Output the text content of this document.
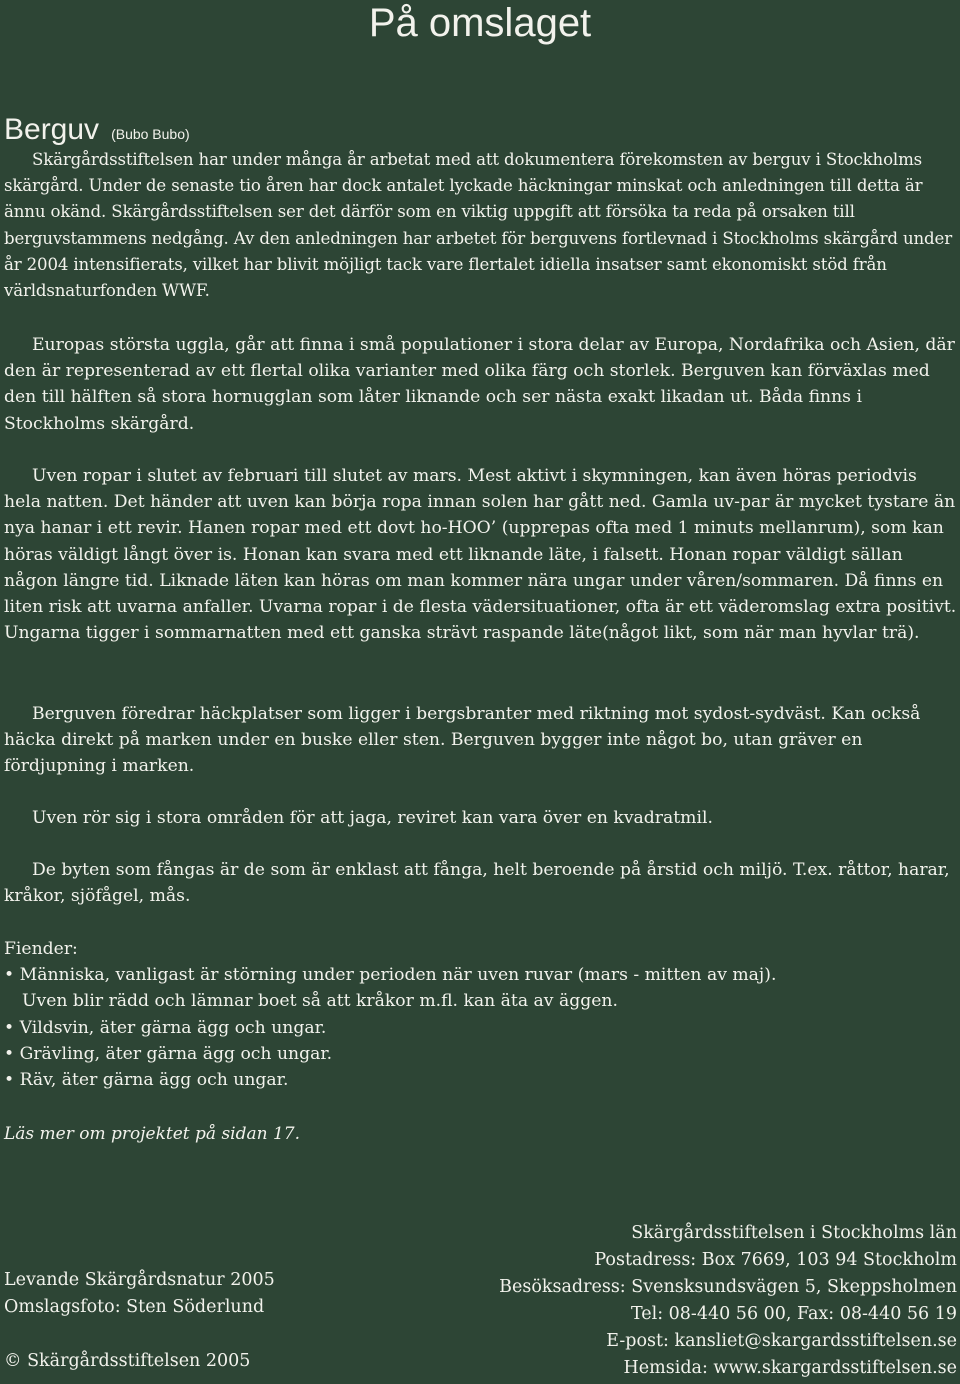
På omslaget
Berguv (Bubo Bubo)

Skärgårdsstiftelsen har under många år arbetat med att dokumentera förekomsten av berguv i Stockholms skärgård. Under de senaste tio åren har dock antalet lyckade häckningar minskat och anledningen till detta är ännu okänd. Skärgårdsstiftelsen ser det därför som en viktig uppgift att försöka ta reda på orsaken till berguvstammens nedgång. Av den anledningen har arbetet för berguvens fortlevnad i Stockholms skärgård under år 2004 intensifierats, vilket har blivit möjligt tack vare flertalet idiella insatser samt ekonomiskt stöd från världsnaturfonden WWF.

Europas största uggla, går att finna i små populationer i stora delar av Europa, Nordafrika och Asien, där den är representerad av ett flertal olika varianter med olika färg och storlek. Berguven kan förväxlas med den till hälften så stora hornugglan som låter liknande och ser nästa exakt likadan ut. Båda finns i Stockholms skärgård.

Uven ropar i slutet av februari till slutet av mars. Mest aktivt i skymningen, kan även höras periodvis hela natten. Det händer att uven kan börja ropa innan solen har gått ned. Gamla uv-par är mycket tystare än nya hanar i ett revir. Hanen ropar med ett dovt ho-HOO’ (upprepas ofta med 1 minuts mellanrum), som kan höras väldigt långt över is. Honan kan svara med ett liknande läte, i falsett. Honan ropar väldigt sällan någon längre tid. Liknade läten kan höras om man kommer nära ungar under våren/sommaren. Då finns en liten risk att uvarna anfaller. Uvarna ropar i de flesta vädersituationer, ofta är ett väderomslag extra positivt. Ungarna tigger i sommarnatten med ett ganska strävt raspande läte(något likt, som när man hyvlar trä).

Berguven föredrar häckplatser som ligger i bergsbranter med riktning mot sydost-sydväst. Kan också häcka direkt på marken under en buske eller sten. Berguven bygger inte något bo, utan gräver en fördjupning i marken.

Uven rör sig i stora områden för att jaga, reviret kan vara över en kvadratmil.

De byten som fångas är de som är enklast att fånga, helt beroende på årstid och miljö. T.ex. råttor, harar, kråkor, sjöfågel, mås.

Fiender:
• Människa, vanligast är störning under perioden när uven ruvar (mars - mitten av maj).
Uven blir rädd och lämnar boet så att kråkor m.fl. kan äta av äggen.
• Vildsvin, äter gärna ägg och ungar.
• Grävling, äter gärna ägg och ungar.
• Räv, äter gärna ägg och ungar.
Läs mer om projektet på sidan 17.
Levande Skärgårdsnatur 2005
Omslagsfoto: Sten Söderlund
© Skärgårdsstiftelsen 2005
Skärgårdsstiftelsen i Stockholms län
Postadress: Box 7669, 103 94 Stockholm
Besöksadress: Svensksundsvägen 5, Skeppsholmen
Tel: 08-440 56 00, Fax: 08-440 56 19
E-post: kansliet@skargardsstiftelsen.se
Hemsida: www.skargardsstiftelsen.se
